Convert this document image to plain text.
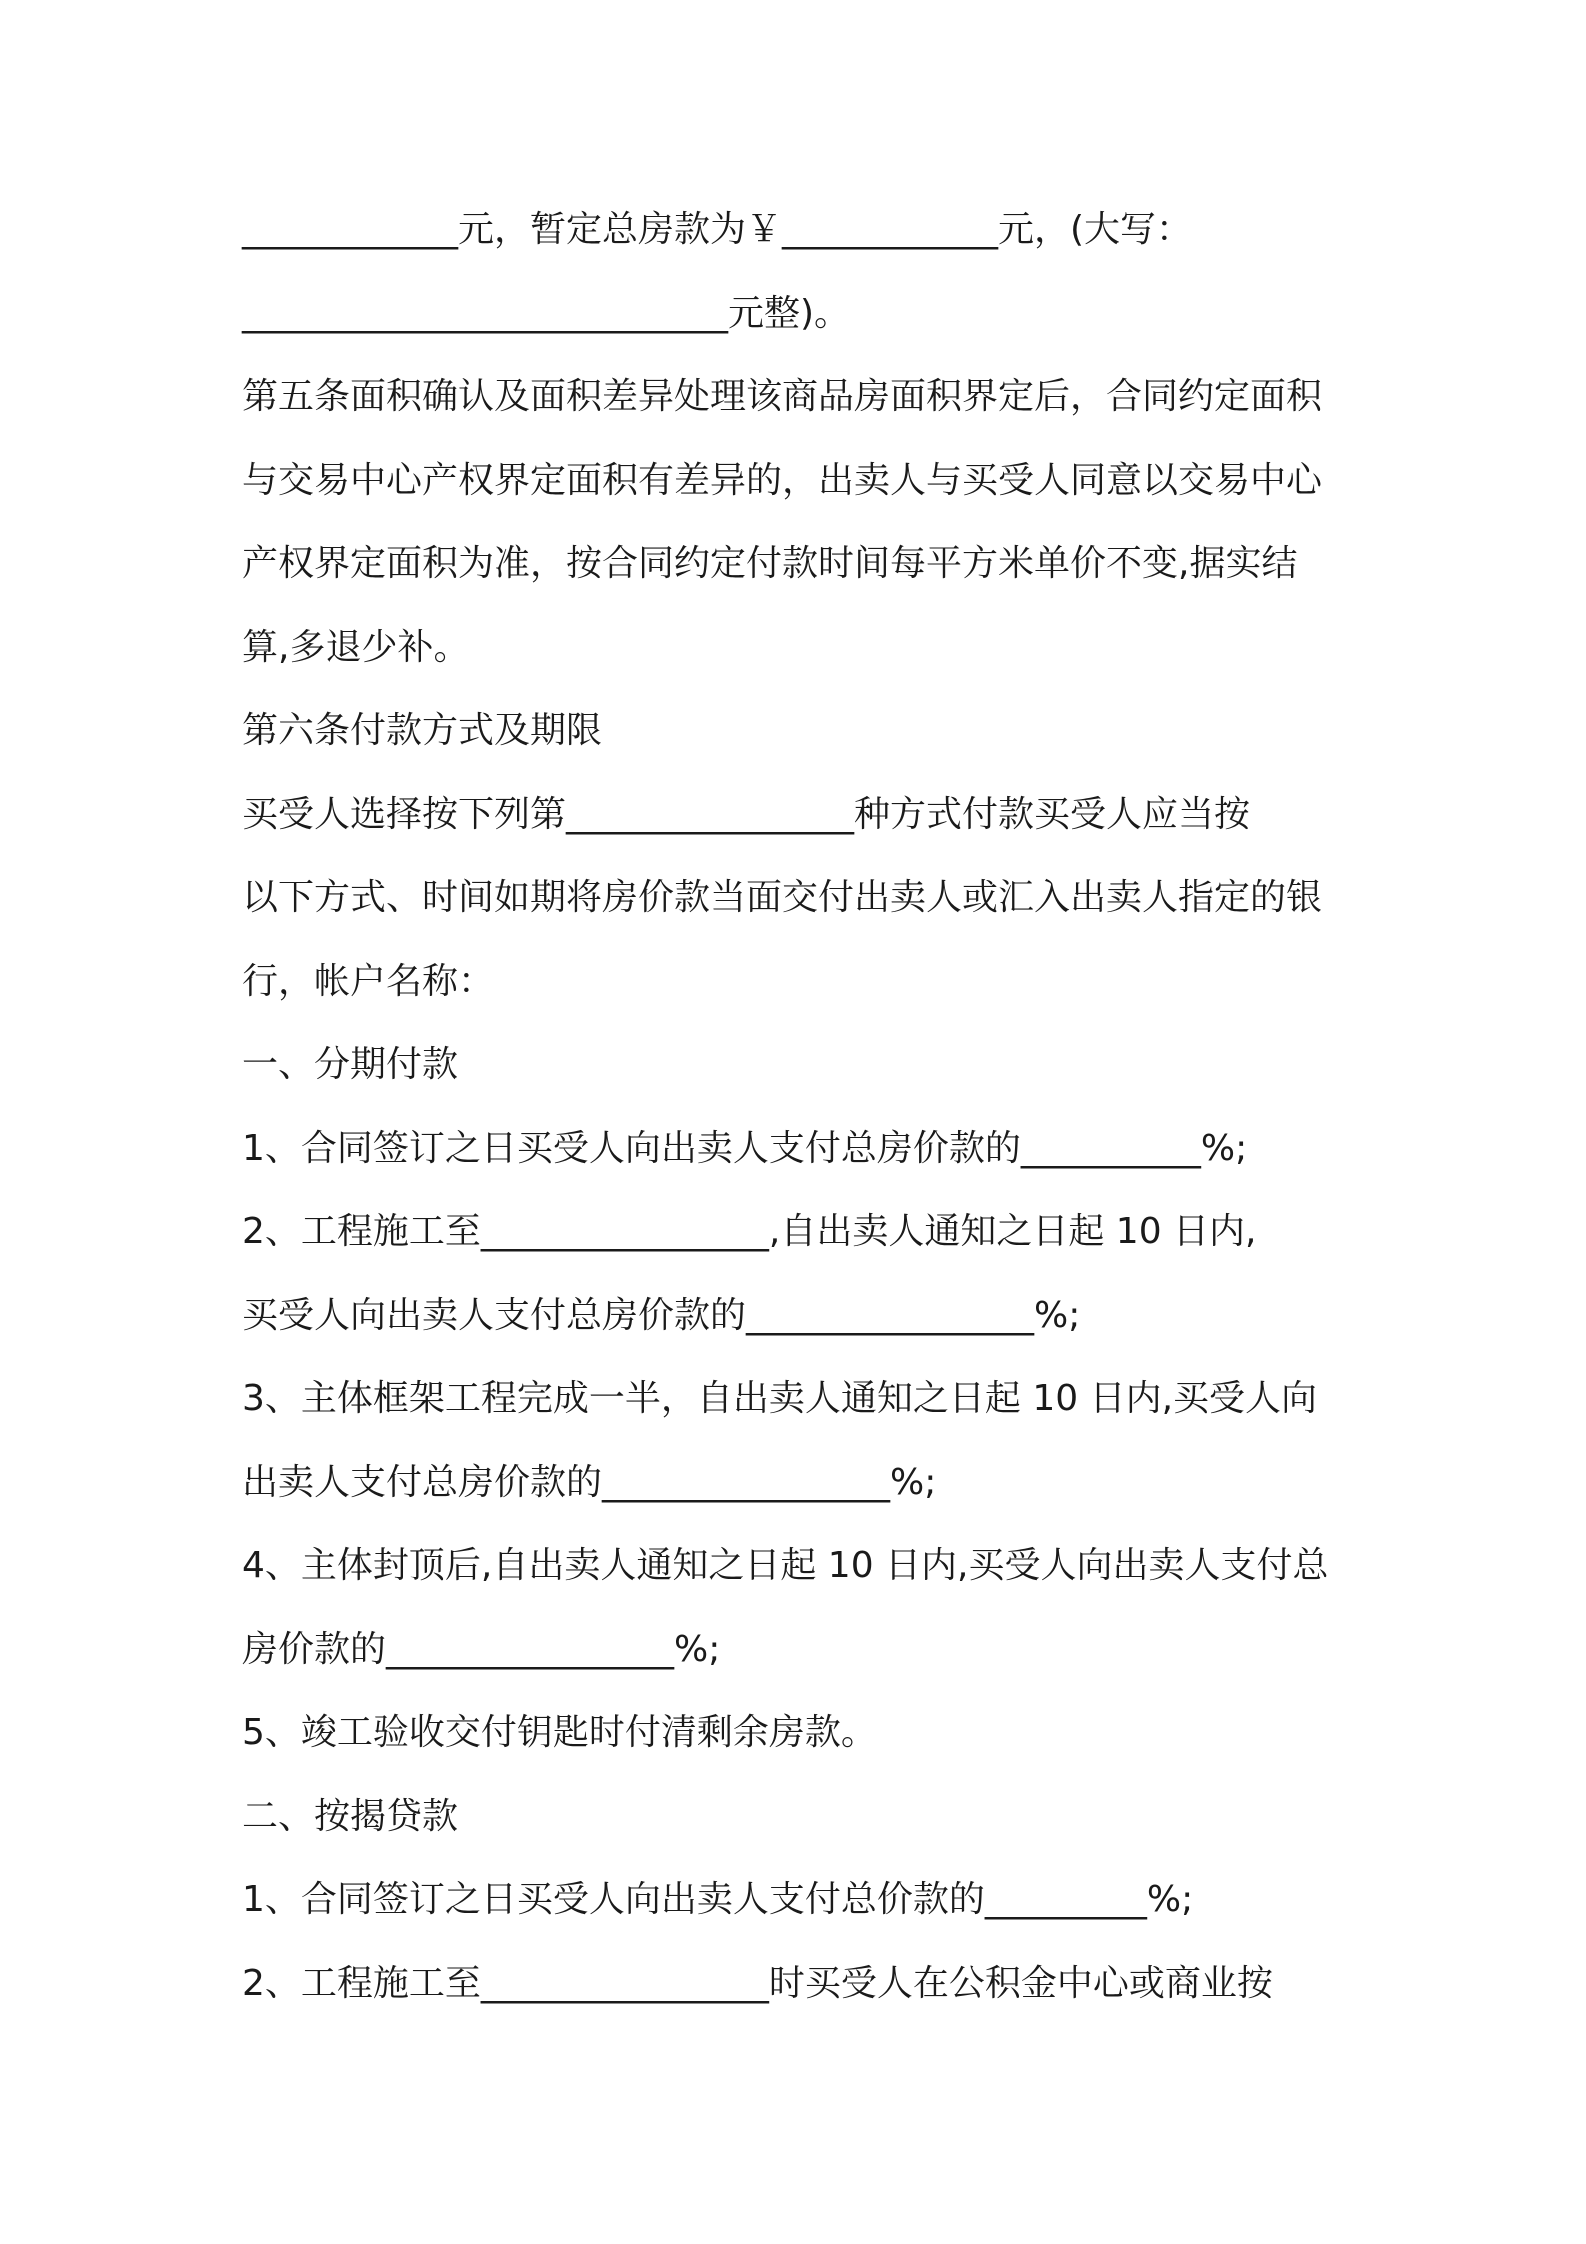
____________元，暂定总房款为￥____________元，(大写：
___________________________元整)。
第五条面积确认及面积差异处理该商品房面积界定后，合同约定面积
与交易中心产权界定面积有差异的，出卖人与买受人同意以交易中心
产权界定面积为准，按合同约定付款时间每平方米单价不变,据实结
算,多退少补。
第六条付款方式及期限
买受人选择按下列第________________种方式付款买受人应当按
以下方式、时间如期将房价款当面交付出卖人或汇入出卖人指定的银
行，帐户名称：
一、分期付款
1、合同签订之日买受人向出卖人支付总房价款的__________%;
2、工程施工至________________,自出卖人通知之日起 10 日内,
买受人向出卖人支付总房价款的________________%;
3、主体框架工程完成一半，自出卖人通知之日起 10 日内,买受人向
出卖人支付总房价款的________________%;
4、主体封顶后,自出卖人通知之日起 10 日内,买受人向出卖人支付总
房价款的________________%;
5、竣工验收交付钥匙时付清剩余房款。
二、按揭贷款
1、合同签订之日买受人向出卖人支付总价款的_________%;
2、工程施工至________________时买受人在公积金中心或商业按
